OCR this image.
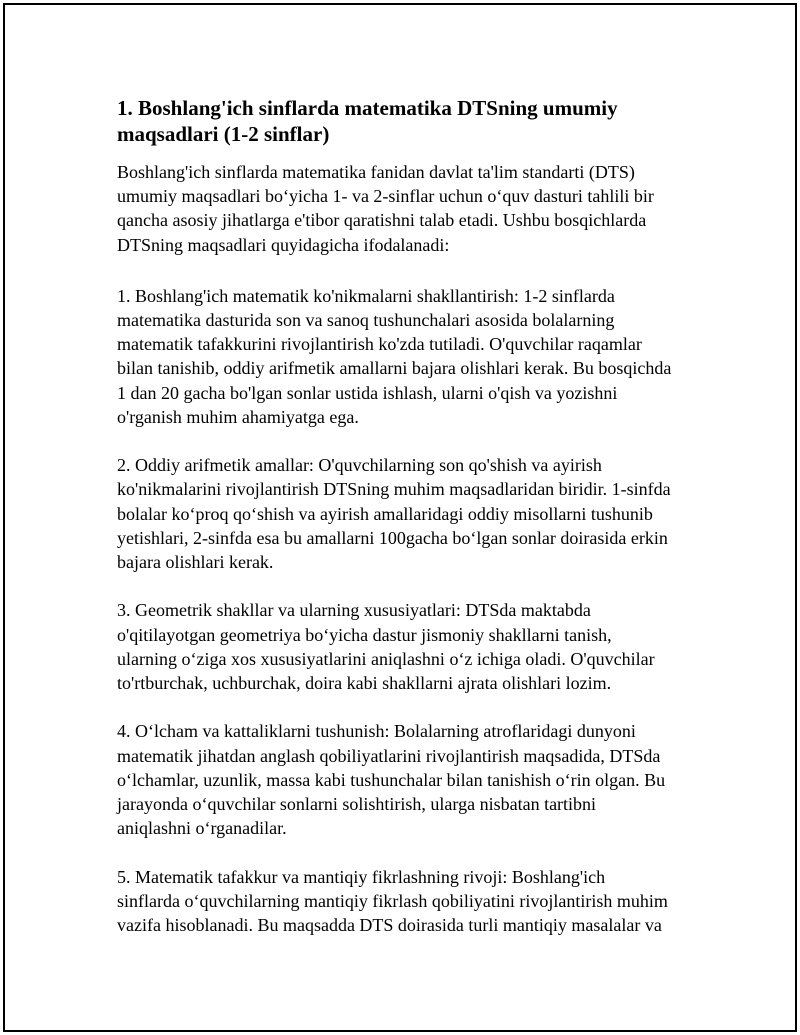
1. Boshlang'ich sinflarda matematika DTSning umumiy
maqsadlari (1-2 sinflar)

Boshlang'ich sinflarda matematika fanidan davlat ta'lim standarti (DTS)
umumiy maqsadlari bo‘yicha 1- va 2-sinflar uchun o‘quv dasturi tahlili bir
qancha asosiy jihatlarga e'tibor qaratishni talab etadi. Ushbu bosqichlarda
DTSning maqsadlari quyidagicha ifodalanadi:

1. Boshlang'ich matematik ko'nikmalarni shakllantirish: 1-2 sinflarda
matematika dasturida son va sanoq tushunchalari asosida bolalarning
matematik tafakkurini rivojlantirish ko'zda tutiladi. O'quvchilar raqamlar
bilan tanishib, oddiy arifmetik amallarni bajara olishlari kerak. Bu bosqichda
1 dan 20 gacha bo'lgan sonlar ustida ishlash, ularni o'qish va yozishni
o'rganish muhim ahamiyatga ega.

2. Oddiy arifmetik amallar: O'quvchilarning son qo'shish va ayirish
ko'nikmalarini rivojlantirish DTSning muhim maqsadlaridan biridir. 1-sinfda
bolalar ko‘proq qo‘shish va ayirish amallaridagi oddiy misollarni tushunib
yetishlari, 2-sinfda esa bu amallarni 100gacha bo‘lgan sonlar doirasida erkin
bajara olishlari kerak.

3. Geometrik shakllar va ularning xususiyatlari: DTSda maktabda
o'qitilayotgan geometriya bo‘yicha dastur jismoniy shakllarni tanish,
ularning o‘ziga xos xususiyatlarini aniqlashni o‘z ichiga oladi. O'quvchilar
to'rtburchak, uchburchak, doira kabi shakllarni ajrata olishlari lozim.

4. O‘lcham va kattaliklarni tushunish: Bolalarning atroflaridagi dunyoni
matematik jihatdan anglash qobiliyatlarini rivojlantirish maqsadida, DTSda
o‘lchamlar, uzunlik, massa kabi tushunchalar bilan tanishish o‘rin olgan. Bu
jarayonda o‘quvchilar sonlarni solishtirish, ularga nisbatan tartibni
aniqlashni o‘rganadilar.

5. Matematik tafakkur va mantiqiy fikrlashning rivoji: Boshlang'ich
sinflarda o‘quvchilarning mantiqiy fikrlash qobiliyatini rivojlantirish muhim
vazifa hisoblanadi. Bu maqsadda DTS doirasida turli mantiqiy masalalar va
